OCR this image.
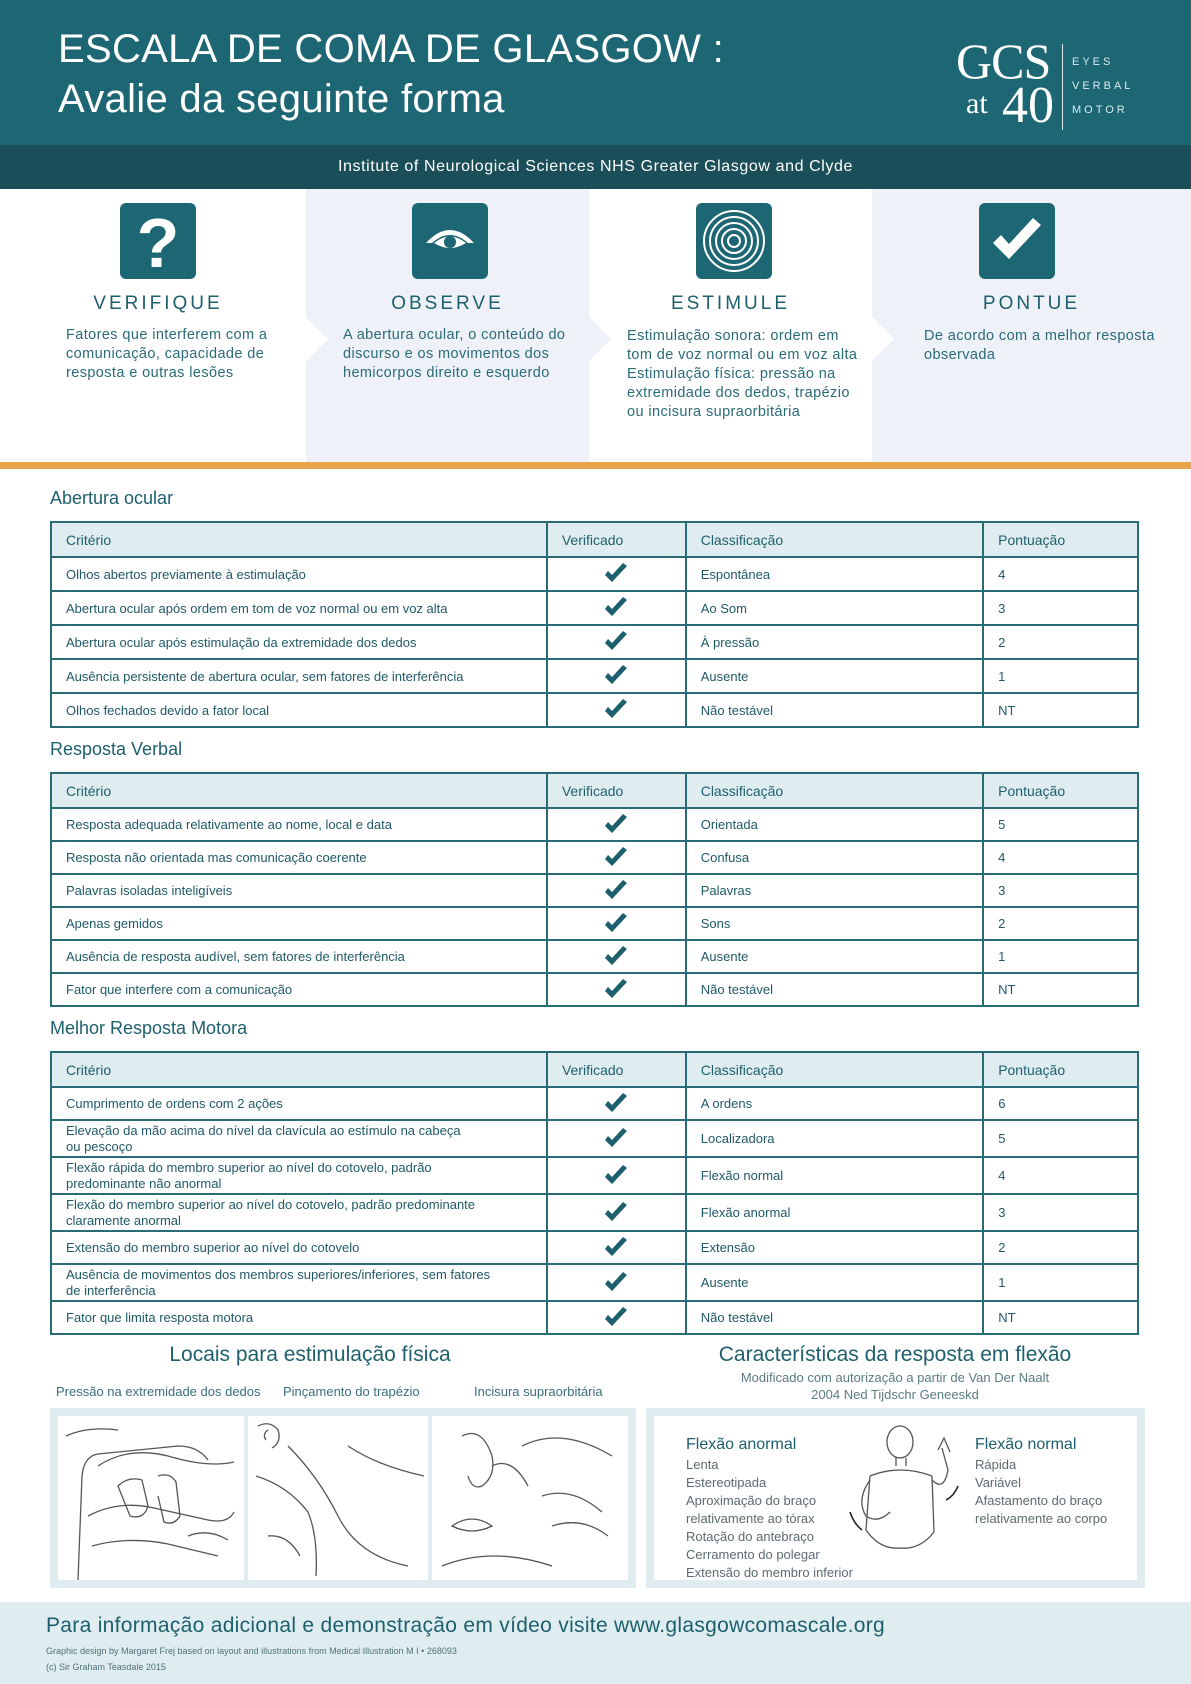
ESCALA DE COMA DE GLASGOW :
Avalie da seguinte forma
GCS
at 40
EYES
VERBAL
MOTOR
Institute of Neurological Sciences NHS Greater Glasgow and Clyde
?
VERIFIQUE
Fatores que interferem com a comunicação, capacidade de resposta e outras lesões
OBSERVE
A abertura ocular, o conteúdo do discurso e os movimentos dos hemicorpos direito e esquerdo
ESTIMULE
Estimulação sonora: ordem em tom de voz normal ou em voz alta
Estimulação física: pressão na extremidade dos dedos, trapézio ou incisura supraorbitária
PONTUE
De acordo com a melhor resposta observada
Abertura ocular
Critério	Verificado	Classificação	Pontuação
Olhos abertos previamente à estimulação		Espontânea	4
Abertura ocular após ordem em tom de voz normal ou em voz alta		Ao Som	3
Abertura ocular após estimulação da extremidade dos dedos		À pressão	2
Ausência persistente de abertura ocular, sem fatores de interferência		Ausente	1
Olhos fechados devido a fator local		Não testável	NT
Resposta Verbal
Critério	Verificado	Classificação	Pontuação
Resposta adequada relativamente ao nome, local e data		Orientada	5
Resposta não orientada mas comunicação coerente		Confusa	4
Palavras isoladas inteligíveis		Palavras	3
Apenas gemidos		Sons	2
Ausência de resposta audível, sem fatores de interferência		Ausente	1
Fator que interfere com a comunicação		Não testável	NT
Melhor Resposta Motora
Critério	Verificado	Classificação	Pontuação
Cumprimento de ordens com 2 ações		A ordens	6
Elevação da mão acima do nível da clavícula ao estímulo na cabeça ou pescoço		Localizadora	5
Flexão rápida do membro superior ao nível do cotovelo, padrão predominante não anormal		Flexão normal	4
Flexão do membro superior ao nível do cotovelo, padrão predominante claramente anormal		Flexão anormal	3
Extensão do membro superior ao nível do cotovelo		Extensão	2
Ausência de movimentos dos membros superiores/inferiores, sem fatores de interferência		Ausente	1
Fator que limita resposta motora		Não testável	NT
Locais para estimulação física
Pressão na extremidade dos dedos Pinçamento do trapézio	Incisura supraorbitária
Características da resposta em flexão
Modificado com autorização a partir de Van Der Naalt
2004 Ned Tijdschr Geneeskd
Flexão anormal
Lenta
Estereotipada
Aproximação do braço
relativamente ao tórax
Rotação do antebraço
Cerramento do polegar
Extensão do membro inferior
Flexão normal
Rápida
Variável
Afastamento do braço
relativamente ao corpo
Para informação adicional e demonstração em vídeo visite www.glasgowcomascale.org
Graphic design by Margaret Frej based on layout and illustrations from Medical Illustration M I • 268093
(c) Sir Graham Teasdale 2015
